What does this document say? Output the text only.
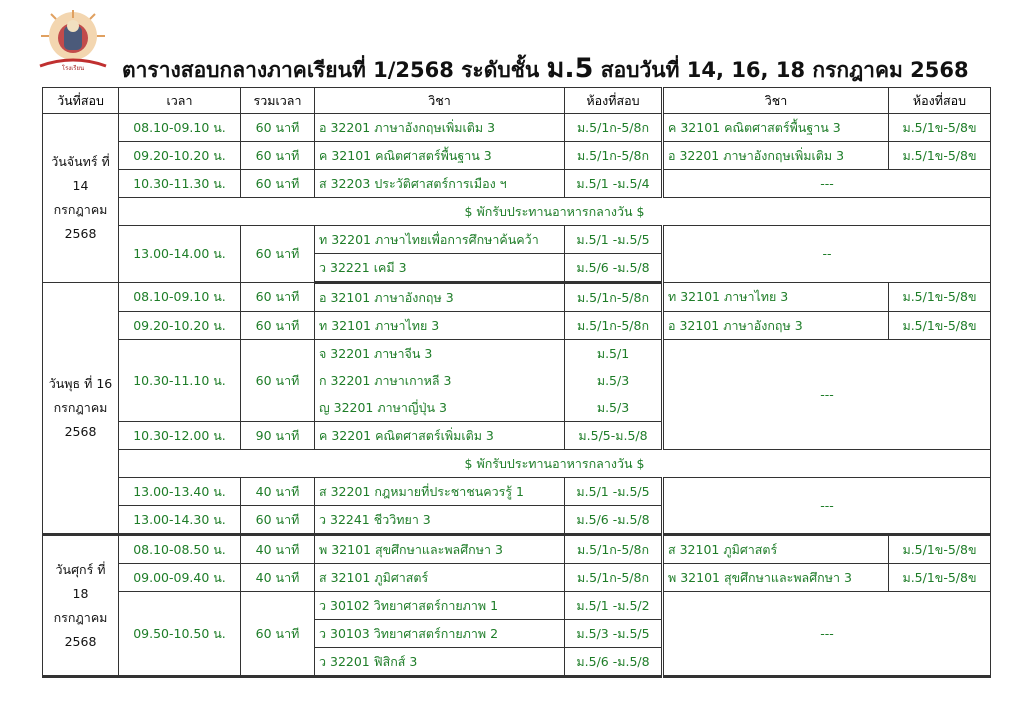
โรงเรียน ตารางสอบกลางภาคเรียนที่ 1/2568 ระดับชั้น ม.5 สอบวันที่ 14, 16, 18 กรกฎาคม 2568
วันที่สอบ	เวลา	รวมเวลา	วิชา	ห้องที่สอบ	วิชา	ห้องที่สอบ
วันจันทร์ ที่ 14 กรกฎาคม 2568	08.10-09.10 น.	60 นาที	อ 32201 ภาษาอังกฤษเพิ่มเติม 3	ม.5/1ก-5/8ก	ค 32101 คณิตศาสตร์พื้นฐาน 3	ม.5/1ข-5/8ข
	09.20-10.20 น.	60 นาที	ค 32101 คณิตศาสตร์พื้นฐาน 3	ม.5/1ก-5/8ก	อ 32201 ภาษาอังกฤษเพิ่มเติม 3	ม.5/1ข-5/8ข
	10.30-11.30 น.	60 นาที	ส 32203 ประวัติศาสตร์การเมือง ฯ	ม.5/1 -ม.5/4	---	
	$ พักรับประทานอาหารกลางวัน $					
	13.00-14.00 น.	60 นาที	ท 32201 ภาษาไทยเพื่อการศึกษาค้นคว้า	ม.5/1 -ม.5/5	--	
			ว 32221 เคมี 3	ม.5/6 -ม.5/8		
วันพุธ ที่ 16 กรกฎาคม 2568	08.10-09.10 น.	60 นาที	อ 32101 ภาษาอังกฤษ 3	ม.5/1ก-5/8ก	ท 32101 ภาษาไทย 3	ม.5/1ข-5/8ข
	09.20-10.20 น.	60 นาที	ท 32101 ภาษาไทย 3	ม.5/1ก-5/8ก	อ 32101 ภาษาอังกฤษ 3	ม.5/1ข-5/8ข
	10.30-11.10 น.	60 นาที	จ 32201 ภาษาจีน 3	ม.5/1	---	
			ก 32201 ภาษาเกาหลี 3	ม.5/3		
			ญ 32201 ภาษาญี่ปุ่น 3	ม.5/3		
	10.30-12.00 น.	90 นาที	ค 32201 คณิตศาสตร์เพิ่มเติม 3	ม.5/5-ม.5/8		
	$ พักรับประทานอาหารกลางวัน $					
	13.00-13.40 น.	40 นาที	ส 32201 กฎหมายที่ประชาชนควรรู้ 1	ม.5/1 -ม.5/5	---	
	13.00-14.30 น.	60 นาที	ว 32241 ชีววิทยา 3	ม.5/6 -ม.5/8		
วันศุกร์ ที่ 18 กรกฎาคม 2568	08.10-08.50 น.	40 นาที	พ 32101 สุขศึกษาและพลศึกษา 3	ม.5/1ก-5/8ก	ส 32101 ภูมิศาสตร์	ม.5/1ข-5/8ข
	09.00-09.40 น.	40 นาที	ส 32101 ภูมิศาสตร์	ม.5/1ก-5/8ก	พ 32101 สุขศึกษาและพลศึกษา 3	ม.5/1ข-5/8ข
	09.50-10.50 น.	60 นาที	ว 30102 วิทยาศาสตร์กายภาพ 1	ม.5/1 -ม.5/2	---	
			ว 30103 วิทยาศาสตร์กายภาพ 2	ม.5/3 -ม.5/5		
			ว 32201 ฟิสิกส์ 3	ม.5/6 -ม.5/8		
